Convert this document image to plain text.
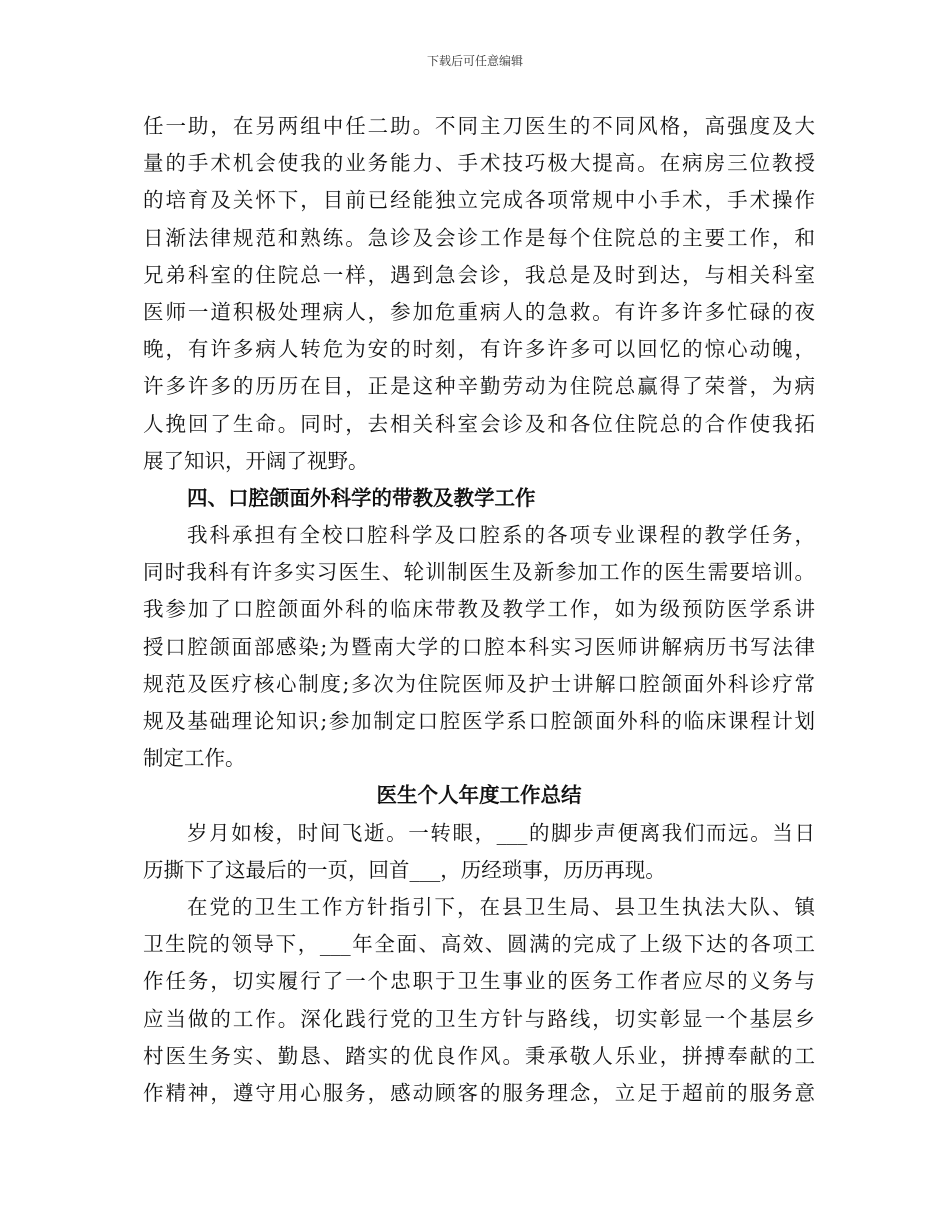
下载后可任意编辑
任一助，在另两组中任二助。不同主刀医生的不同风格，高强度及大
量的手术机会使我的业务能力、手术技巧极大提高。在病房三位教授
的培育及关怀下，目前已经能独立完成各项常规中小手术，手术操作
日渐法律规范和熟练。急诊及会诊工作是每个住院总的主要工作，和
兄弟科室的住院总一样，遇到急会诊，我总是及时到达，与相关科室
医师一道积极处理病人，参加危重病人的急救。有许多许多忙碌的夜
晚，有许多病人转危为安的时刻，有许多许多可以回忆的惊心动魄，
许多许多的历历在目，正是这种辛勤劳动为住院总赢得了荣誉，为病
人挽回了生命。同时，去相关科室会诊及和各位住院总的合作使我拓
展了知识，开阔了视野。
四、口腔颌面外科学的带教及教学工作
我科承担有全校口腔科学及口腔系的各项专业课程的教学任务，
同时我科有许多实习医生、轮训制医生及新参加工作的医生需要培训。
我参加了口腔颌面外科的临床带教及教学工作，如为级预防医学系讲
授口腔颌面部感染;为暨南大学的口腔本科实习医师讲解病历书写法律
规范及医疗核心制度;多次为住院医师及护士讲解口腔颌面外科诊疗常
规及基础理论知识;参加制定口腔医学系口腔颌面外科的临床课程计划
制定工作。
医生个人年度工作总结
岁月如梭，时间飞逝。一转眼，___的脚步声便离我们而远。当日
历撕下了这最后的一页，回首___，历经琐事，历历再现。
在党的卫生工作方针指引下，在县卫生局、县卫生执法大队、镇
卫生院的领导下，___年全面、高效、圆满的完成了上级下达的各项工
作任务，切实履行了一个忠职于卫生事业的医务工作者应尽的义务与
应当做的工作。深化践行党的卫生方针与路线，切实彰显一个基层乡
村医生务实、勤恳、踏实的优良作风。秉承敬人乐业，拼搏奉献的工
作精神，遵守用心服务，感动顾客的服务理念，立足于超前的服务意
